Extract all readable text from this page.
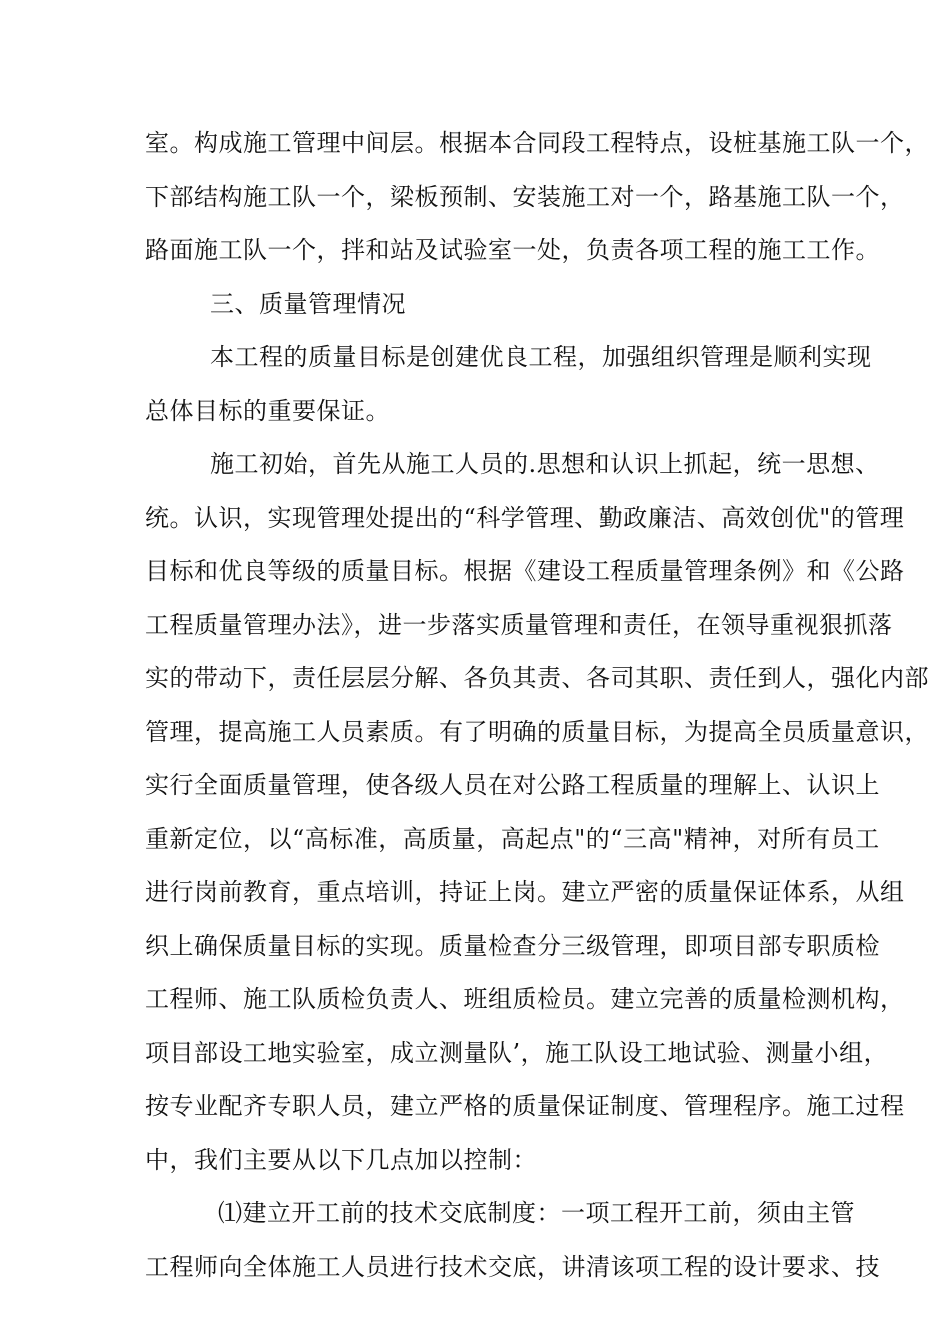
室。构成施工管理中间层。根据本合同段工程特点，设桩基施工队一个，
下部结构施工队一个，梁板预制、安装施工对一个，路基施工队一个，
路面施工队一个，拌和站及试验室一处，负责各项工程的施工工作。
三、质量管理情况
本工程的质量目标是创建优良工程，加强组织管理是顺利实现
总体目标的重要保证。
施工初始，首先从施工人员的.思想和认识上抓起，统一思想、
统。认识，实现管理处提出的“科学管理、勤政廉洁、高效创优"的管理
目标和优良等级的质量目标。根据《建设工程质量管理条例》和《公路
工程质量管理办法》，进一步落实质量管理和责任，在领导重视狠抓落
实的带动下，责任层层分解、各负其责、各司其职、责任到人，强化内部
管理，提高施工人员素质。有了明确的质量目标，为提高全员质量意识，
实行全面质量管理，使各级人员在对公路工程质量的理解上、认识上
重新定位，以“高标准，高质量，高起点"的“三高"精神，对所有员工
进行岗前教育，重点培训，持证上岗。建立严密的质量保证体系，从组
织上确保质量目标的实现。质量检查分三级管理，即项目部专职质检
工程师、施工队质检负责人、班组质检员。建立完善的质量检测机构，
项目部设工地实验室，成立测量队’，施工队设工地试验、测量小组，
按专业配齐专职人员，建立严格的质量保证制度、管理程序。施工过程
中，我们主要从以下几点加以控制：
⑴建立开工前的技术交底制度：一项工程开工前，须由主管
工程师向全体施工人员进行技术交底，讲清该项工程的设计要求、技
